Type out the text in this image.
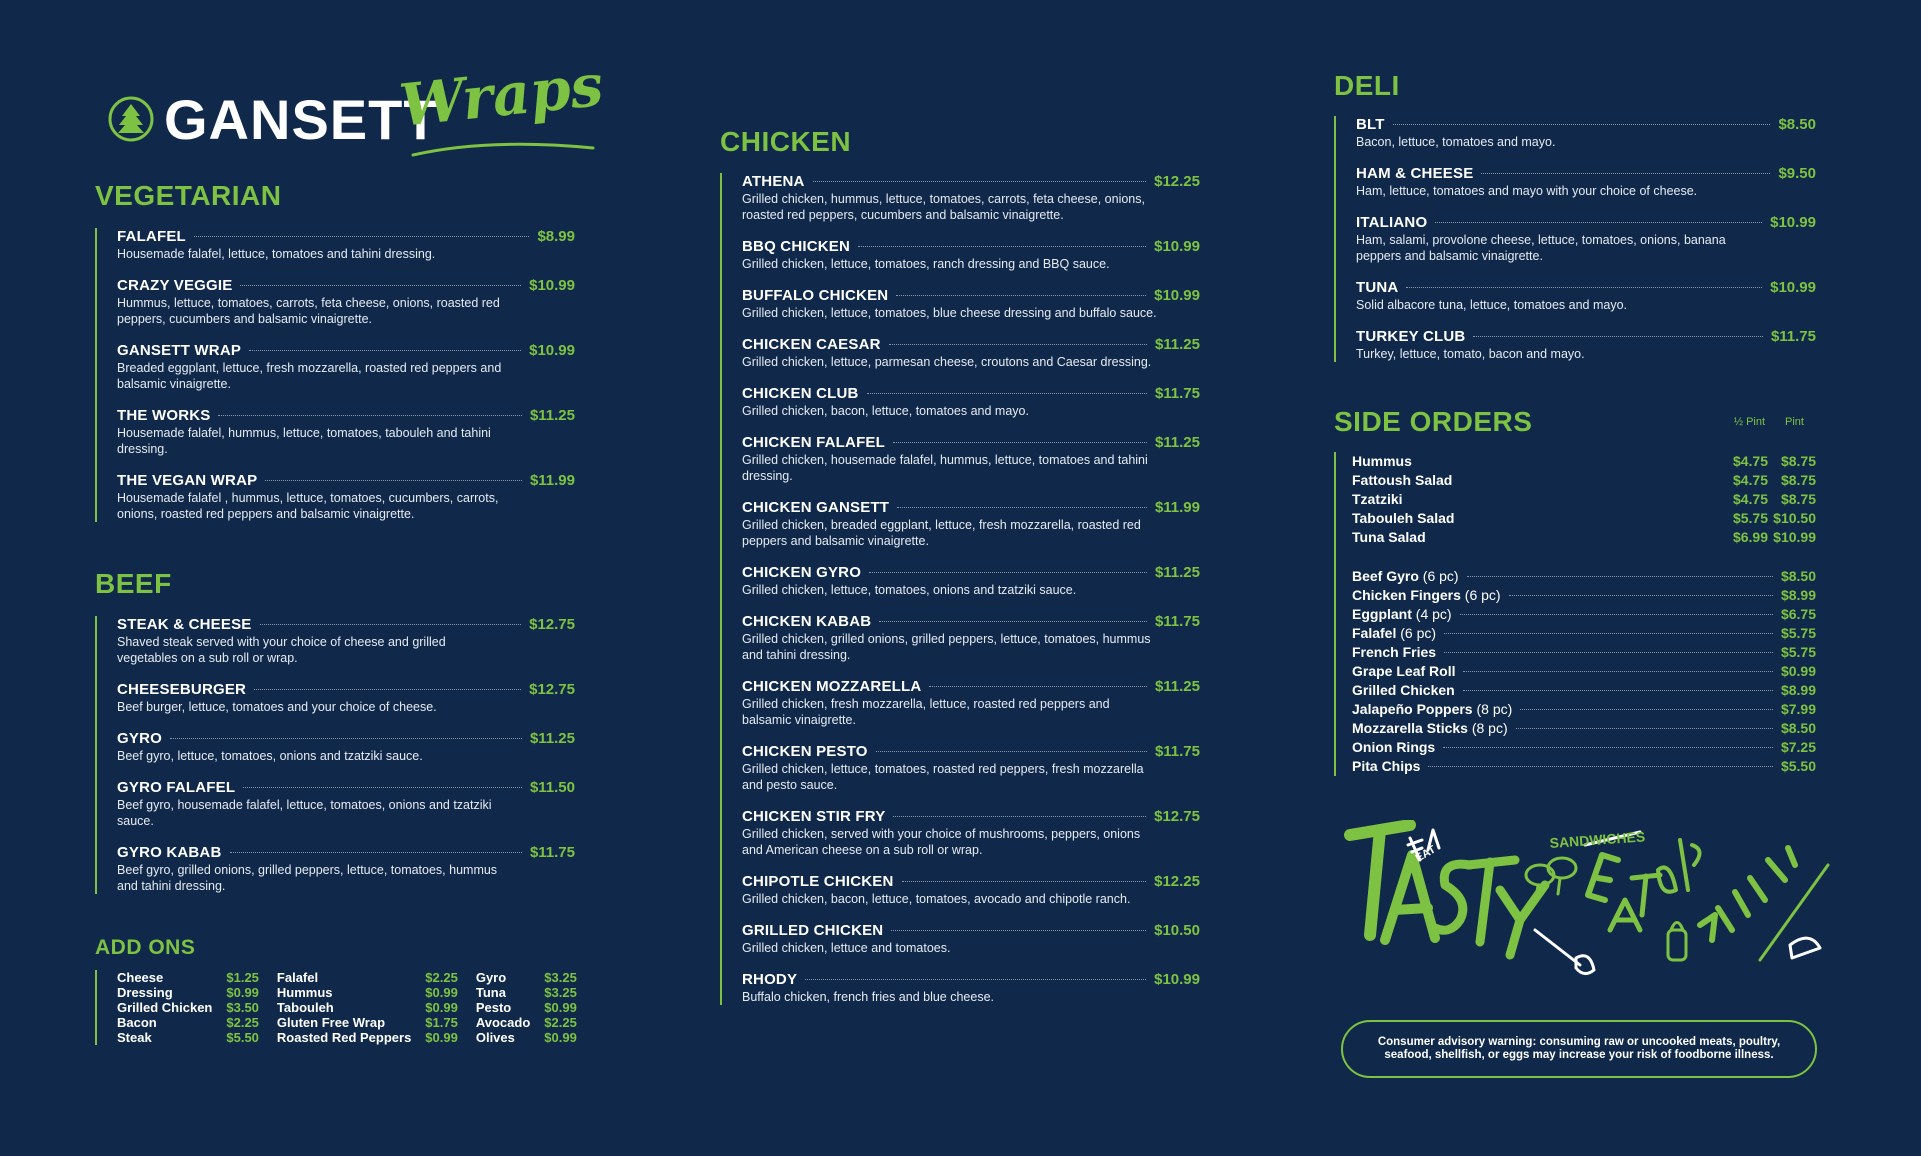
GANSETT
Wraps
VEGETARIAN
FALAFEL	$8.99
Housemade falafel, lettuce, tomatoes and tahini dressing.
CRAZY VEGGIE	$10.99
Hummus, lettuce, tomatoes, carrots, feta cheese, onions, roasted red peppers, cucumbers and balsamic vinaigrette.
GANSETT WRAP	$10.99
Breaded eggplant, lettuce, fresh mozzarella, roasted red peppers and balsamic vinaigrette.
THE WORKS	$11.25
Housemade falafel, hummus, lettuce, tomatoes, tabouleh and tahini dressing.
THE VEGAN WRAP	$11.99
Housemade falafel , hummus, lettuce, tomatoes, cucumbers, carrots, onions, roasted red peppers and balsamic vinaigrette.
BEEF
STEAK & CHEESE	$12.75
Shaved steak served with your choice of cheese and grilled vegetables on a sub roll or wrap.
CHEESEBURGER	$12.75
Beef burger, lettuce, tomatoes and your choice of cheese.
GYRO	$11.25
Beef gyro, lettuce, tomatoes, onions and tzatziki sauce.
GYRO FALAFEL	$11.50
Beef gyro, housemade falafel, lettuce, tomatoes, onions and tzatziki sauce.
GYRO KABAB	$11.75
Beef gyro, grilled onions, grilled peppers, lettuce, tomatoes, hummus and tahini dressing.
ADD ONS
Cheese	$1.25
Dressing	$0.99
Grilled Chicken $3.50
Bacon	$2.25
Steak	$5.50
Falafel	$2.25
Hummus	$0.99
Tabouleh	$0.99
Gluten Free Wrap	$1.75
Roasted Red Peppers $0.99
Gyro	$3.25
Tuna	$3.25
Pesto	$0.99
Avocado $2.25
Olives	$0.99
CHICKEN
ATHENA	$12.25
Grilled chicken, hummus, lettuce, tomatoes, carrots, feta cheese, onions, roasted red peppers, cucumbers and balsamic vinaigrette.
BBQ CHICKEN	$10.99
Grilled chicken, lettuce, tomatoes, ranch dressing and BBQ sauce.
BUFFALO CHICKEN	$10.99
Grilled chicken, lettuce, tomatoes, blue cheese dressing and buffalo sauce.
CHICKEN CAESAR	$11.25
Grilled chicken, lettuce, parmesan cheese, croutons and Caesar dressing.
CHICKEN CLUB	$11.75
Grilled chicken, bacon, lettuce, tomatoes and mayo.
CHICKEN FALAFEL	$11.25
Grilled chicken, housemade falafel, hummus, lettuce, tomatoes and tahini dressing.
CHICKEN GANSETT	$11.99
Grilled chicken, breaded eggplant, lettuce, fresh mozzarella, roasted red peppers and balsamic vinaigrette.
CHICKEN GYRO	$11.25
Grilled chicken, lettuce, tomatoes, onions and tzatziki sauce.
CHICKEN KABAB	$11.75
Grilled chicken, grilled onions, grilled peppers, lettuce, tomatoes, hummus and tahini dressing.
CHICKEN MOZZARELLA	$11.25
Grilled chicken, fresh mozzarella, lettuce, roasted red peppers and balsamic vinaigrette.
CHICKEN PESTO	$11.75
Grilled chicken, lettuce, tomatoes, roasted red peppers, fresh mozzarella and pesto sauce.
CHICKEN STIR FRY	$12.75
Grilled chicken, served with your choice of mushrooms, peppers, onions and American cheese on a sub roll or wrap.
CHIPOTLE CHICKEN	$12.25
Grilled chicken, bacon, lettuce, tomatoes, avocado and chipotle ranch.
GRILLED CHICKEN	$10.50
Grilled chicken, lettuce and tomatoes.
RHODY	$10.99
Buffalo chicken, french fries and blue cheese.
DELI
BLT	$8.50
Bacon, lettuce, tomatoes and mayo.
HAM & CHEESE	$9.50
Ham, lettuce, tomatoes and mayo with your choice of cheese.
ITALIANO	$10.99
Ham, salami, provolone cheese, lettuce, tomatoes, onions, banana peppers and balsamic vinaigrette.
TUNA	$10.99
Solid albacore tuna, lettuce, tomatoes and mayo.
TURKEY CLUB	$11.75
Turkey, lettuce, tomato, bacon and mayo.
SIDE ORDERS	½ Pint Pint
Hummus	$4.75 $8.75
Fattoush Salad	$4.75 $8.75
Tzatziki	$4.75 $8.75
Tabouleh Salad	$5.75 $10.50
Tuna Salad	$6.99 $10.99
Beef Gyro (6 pc)	$8.50
Chicken Fingers (6 pc)	$8.99
Eggplant (4 pc)	$6.75
Falafel (6 pc)	$5.75
French Fries	$5.75
Grape Leaf Roll	$0.99
Grilled Chicken	$8.99
Jalapeño Poppers (8 pc)	$7.99
Mozzarella Sticks (8 pc)	$8.50
Onion Rings	$7.25
Pita Chips	$5.50
SANDWICHES
EAT
Consumer advisory warning: consuming raw or uncooked meats, poultry, seafood, shellfish, or eggs may increase your risk of foodborne illness.
